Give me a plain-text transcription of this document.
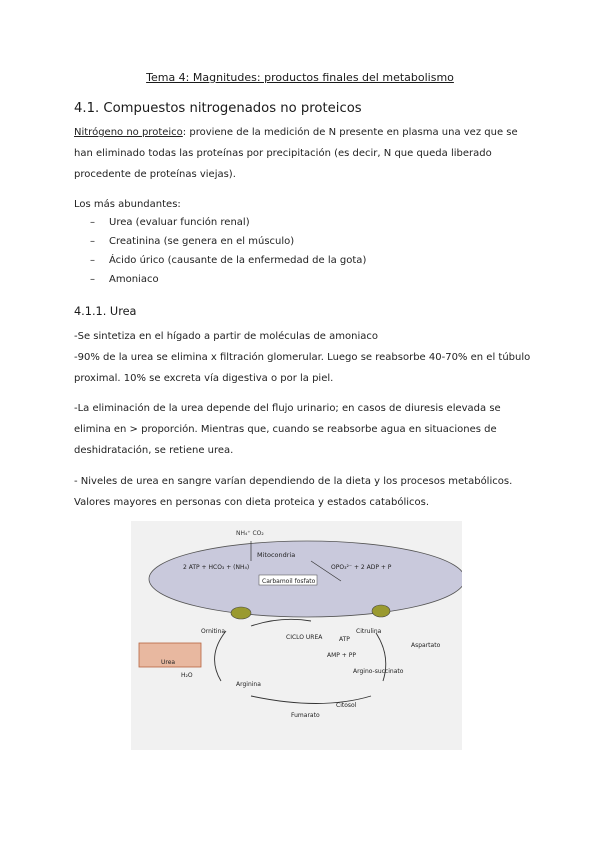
Tema 4: Magnitudes: productos finales del metabolismo
4.1. Compuestos nitrogenados no proteicos
Nitrógeno no proteico: proviene de la medición de N presente en plasma una vez que se han eliminado todas las proteínas por precipitación (es decir, N que queda liberado procedente de proteínas viejas).
Los más abundantes:
– Urea (evaluar función renal)
– Creatinina (se genera en el músculo)
– Ácido úrico (causante de la enfermedad de la gota)
– Amoniaco
4.1.1. Urea
-Se sintetiza en el hígado a partir de moléculas de amoniaco
-90% de la urea se elimina x filtración glomerular. Luego se reabsorbe 40-70% en el túbulo proximal. 10% se excreta vía digestiva o por la piel.
-La eliminación de la urea depende del flujo urinario; en casos de diuresis elevada se elimina en > proporción. Mientras que, cuando se reabsorbe agua en situaciones de deshidratación, se retiene urea.
- Niveles de urea en sangre varían dependiendo de la dieta y los procesos metabólicos. Valores mayores en personas con dieta proteica y estados catabólicos.
NH₄⁺ CO₂
Mitocondria
2 ATP + HCO₃ + (NH₄)	OPO₃²⁻ + 2 ADP + P
Carbamoil fosfato
Ornitina	Citrulina
CICLO UREA	ATP
AMP + PP
Aspartato
Argino-succinato
Arginina
Fumarato
Citosol
Urea
H₂O
